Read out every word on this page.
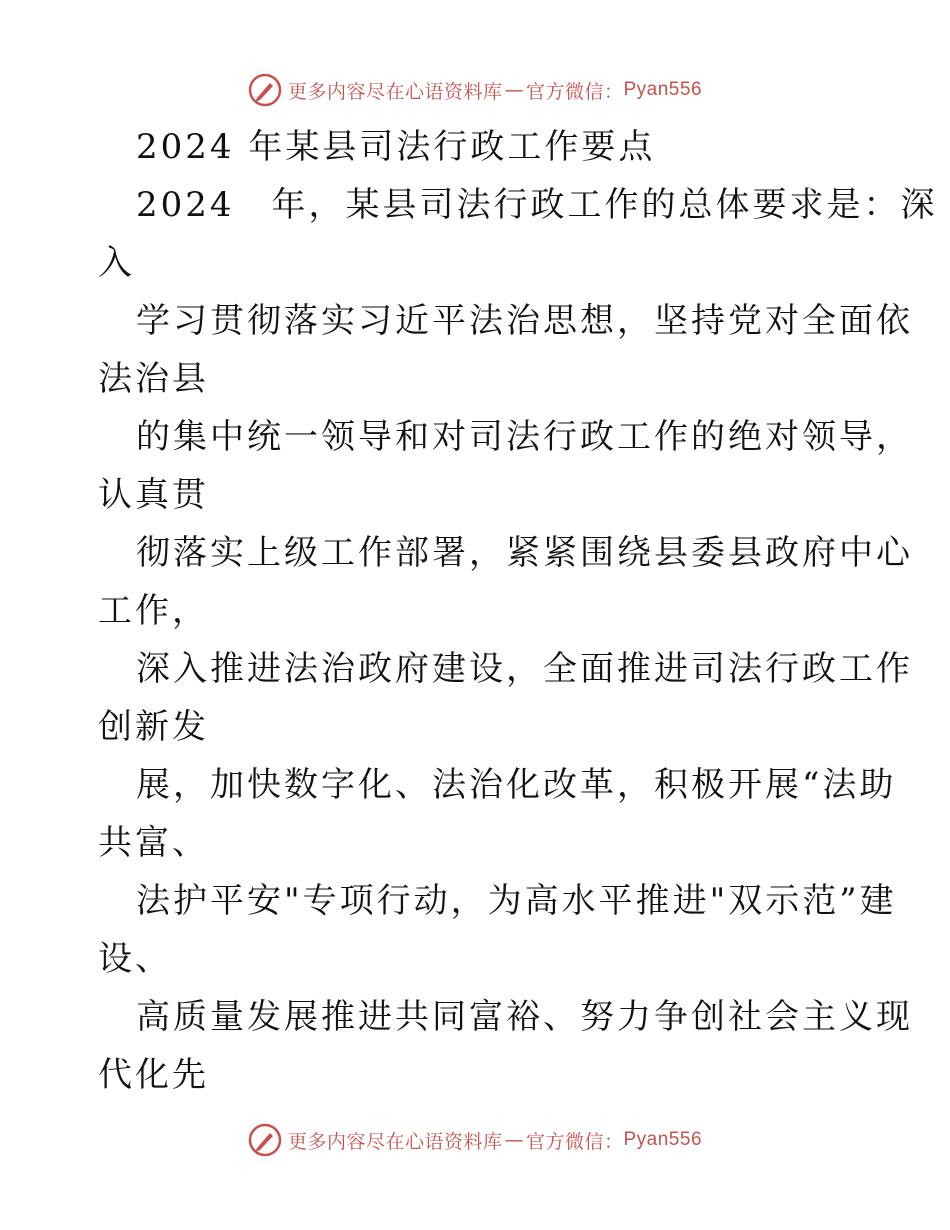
更多内容尽在心语资料库 — 官方微信： Pyan556
2024 年某县司法行政工作要点
2024　年，某县司法行政工作的总体要求是：深
入
学习贯彻落实习近平法治思想，坚持党对全面依
法治县
的集中统一领导和对司法行政工作的绝对领导，
认真贯
彻落实上级工作部署，紧紧围绕县委县政府中心
工作，
深入推进法治政府建设，全面推进司法行政工作
创新发
展，加快数字化、法治化改革，积极开展“法助
共富、
法护平安"专项行动，为高水平推进"双示范”建
设、
高质量发展推进共同富裕、努力争创社会主义现
代化先
更多内容尽在心语资料库 — 官方微信： Pyan556
